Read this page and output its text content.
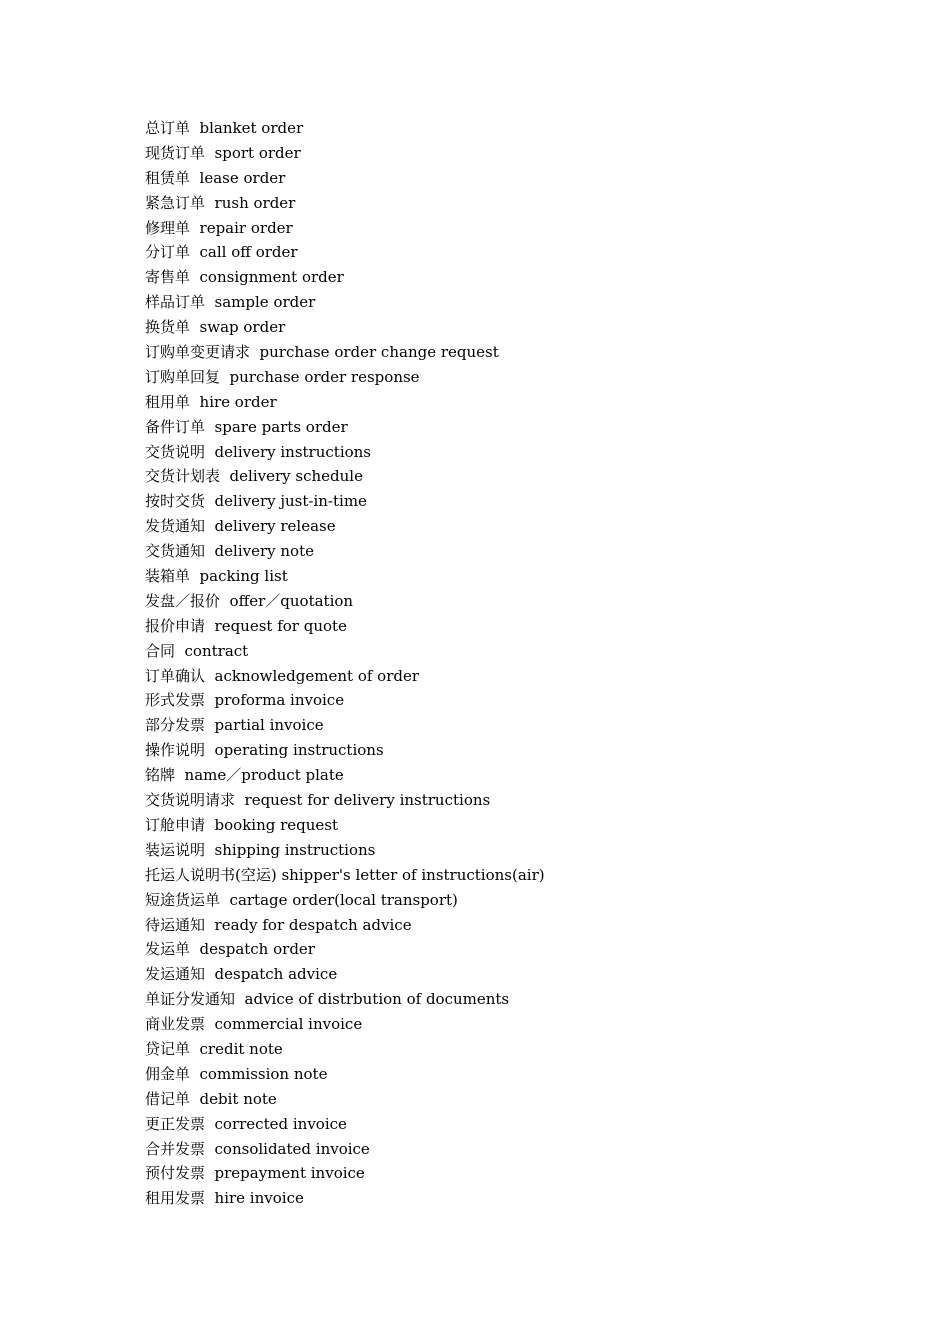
总订单  blanket order
现货订单  sport order
租赁单  lease order
紧急订单  rush order
修理单  repair order
分订单  call off order
寄售单  consignment order
样品订单  sample order
换货单  swap order
订购单变更请求  purchase order change request
订购单回复  purchase order response
租用单  hire order
备件订单  spare parts order
交货说明  delivery instructions
交货计划表  delivery schedule
按时交货  delivery just-in-time
发货通知  delivery release
交货通知  delivery note
装箱单  packing list
发盘／报价  offer／quotation
报价申请  request for quote
合同  contract
订单确认  acknowledgement of order
形式发票  proforma invoice
部分发票  partial invoice
操作说明  operating instructions
铭牌  name／product plate
交货说明请求  request for delivery instructions
订舱申请  booking request
装运说明  shipping instructions
托运人说明书(空运) shipper's letter of instructions(air)
短途货运单  cartage order(local transport)
待运通知  ready for despatch advice
发运单  despatch order
发运通知  despatch advice
单证分发通知  advice of distrbution of documents
商业发票  commercial invoice
贷记单  credit note
佣金单  commission note
借记单  debit note
更正发票  corrected invoice
合并发票  consolidated invoice
预付发票  prepayment invoice
租用发票  hire invoice
